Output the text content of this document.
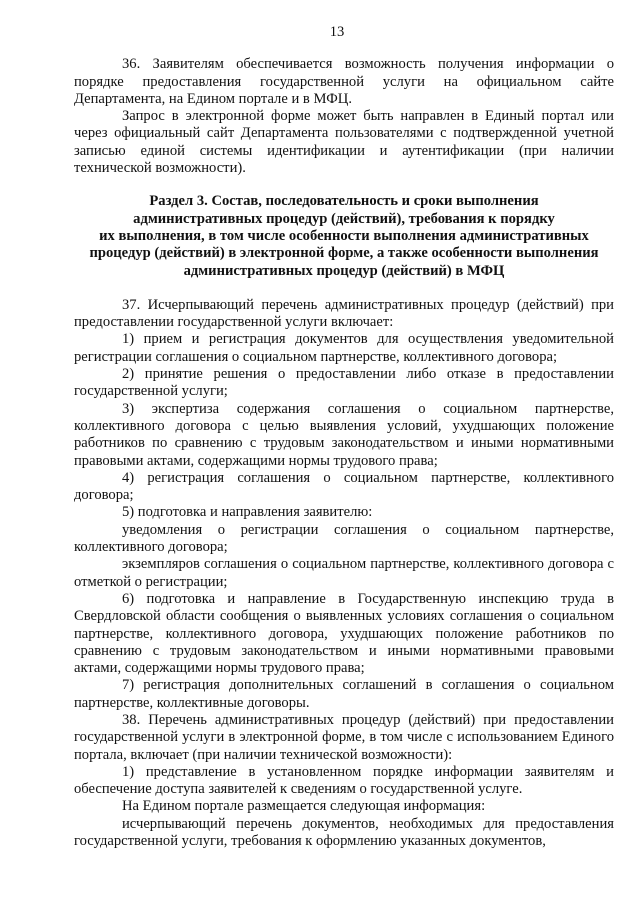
13

36. Заявителям обеспечивается возможность получения информации о порядке предоставления государственной услуги на официальном сайте Департамента, на Едином портале и в МФЦ.

Запрос в электронной форме может быть направлен в Единый портал или через официальный сайт Департамента пользователями с подтвержденной учетной записью единой системы идентификации и аутентификации (при наличии технической возможности).

Раздел 3. Состав, последовательность и сроки выполнения
административных процедур (действий), требования к порядку
их выполнения, в том числе особенности выполнения административных
процедур (действий) в электронной форме, а также особенности выполнения
административных процедур (действий) в МФЦ

37. Исчерпывающий перечень административных процедур (действий) при предоставлении государственной услуги включает:

1) прием и регистрация документов для осуществления уведомительной регистрации соглашения о социальном партнерстве, коллективного договора;

2) принятие решения о предоставлении либо отказе в предоставлении государственной услуги;

3) экспертиза содержания соглашения о социальном партнерстве, коллективного договора с целью выявления условий, ухудшающих положение работников по сравнению с трудовым законодательством и иными нормативными правовыми актами, содержащими нормы трудового права;

4) регистрация соглашения о социальном партнерстве, коллективного договора;

5) подготовка и направления заявителю:

уведомления о регистрации соглашения о социальном партнерстве, коллективного договора;

экземпляров соглашения о социальном партнерстве, коллективного договора с отметкой о регистрации;

6) подготовка и направление в Государственную инспекцию труда в Свердловской области сообщения о выявленных условиях соглашения о социальном партнерстве, коллективного договора, ухудшающих положение работников по сравнению с трудовым законодательством и иными нормативными правовыми актами, содержащими нормы трудового права;

7) регистрация дополнительных соглашений в соглашения о социальном партнерстве, коллективные договоры.

38. Перечень административных процедур (действий) при предоставлении государственной услуги в электронной форме, в том числе с использованием Единого портала, включает (при наличии технической возможности):

1) представление в установленном порядке информации заявителям и обеспечение доступа заявителей к сведениям о государственной услуге.

На Едином портале размещается следующая информация:

исчерпывающий перечень документов, необходимых для предоставления государственной услуги, требования к оформлению указанных документов,
